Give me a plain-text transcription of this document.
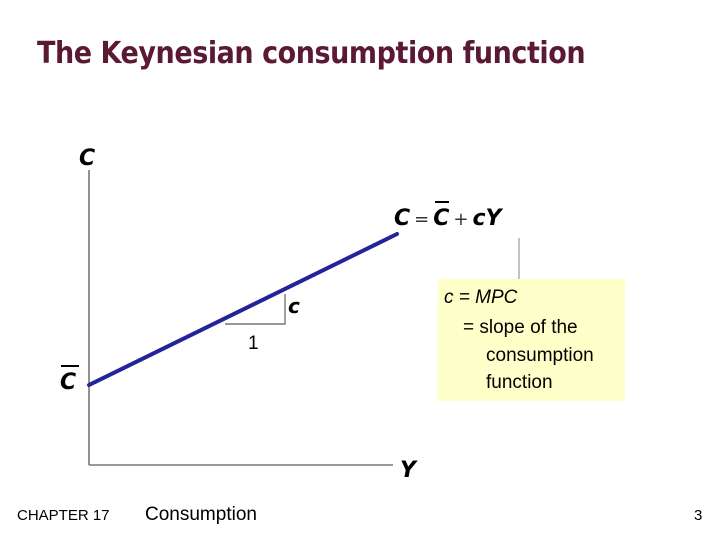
The Keynesian consumption function
C
Y
C
C = C + c Y
c
1
c = MPC
= slope of the
consumption
function
CHAPTER 17 Consumption	3
